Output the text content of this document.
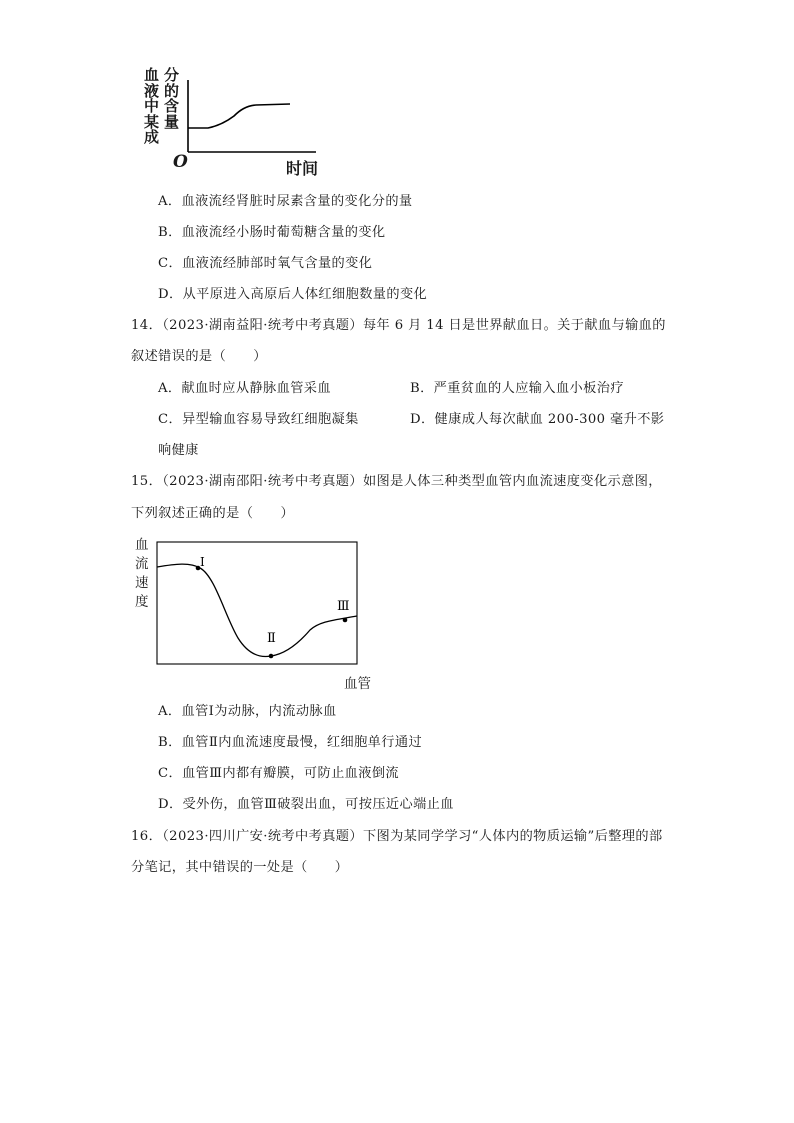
血液中某成
分的含量
O	时间
A．血液流经肾脏时尿素含量的变化分的量
B．血液流经小肠时葡萄糖含量的变化
C．血液流经肺部时氧气含量的变化
D．从平原进入高原后人体红细胞数量的变化
14．（2023·湖南益阳·统考中考真题）每年 6 月 14 日是世界献血日。关于献血与输血的
叙述错误的是（　　）
A．献血时应从静脉血管采血	B．严重贫血的人应输入血小板治疗
C．异型输血容易导致红细胞凝集	D．健康成人每次献血 200-300 毫升不影
响健康
15．（2023·湖南邵阳·统考中考真题）如图是人体三种类型血管内血流速度变化示意图，
下列叙述正确的是（　　）
Ⅰ
Ⅱ
Ⅲ
血
流
速
度
血管
A．血管Ⅰ为动脉，内流动脉血
B．血管Ⅱ内血流速度最慢，红细胞单行通过
C．血管Ⅲ内都有瓣膜，可防止血液倒流
D．受外伤，血管Ⅲ破裂出血，可按压近心端止血
16．（2023·四川广安·统考中考真题）下图为某同学学习“人体内的物质运输”后整理的部
分笔记，其中错误的一处是（　　）
